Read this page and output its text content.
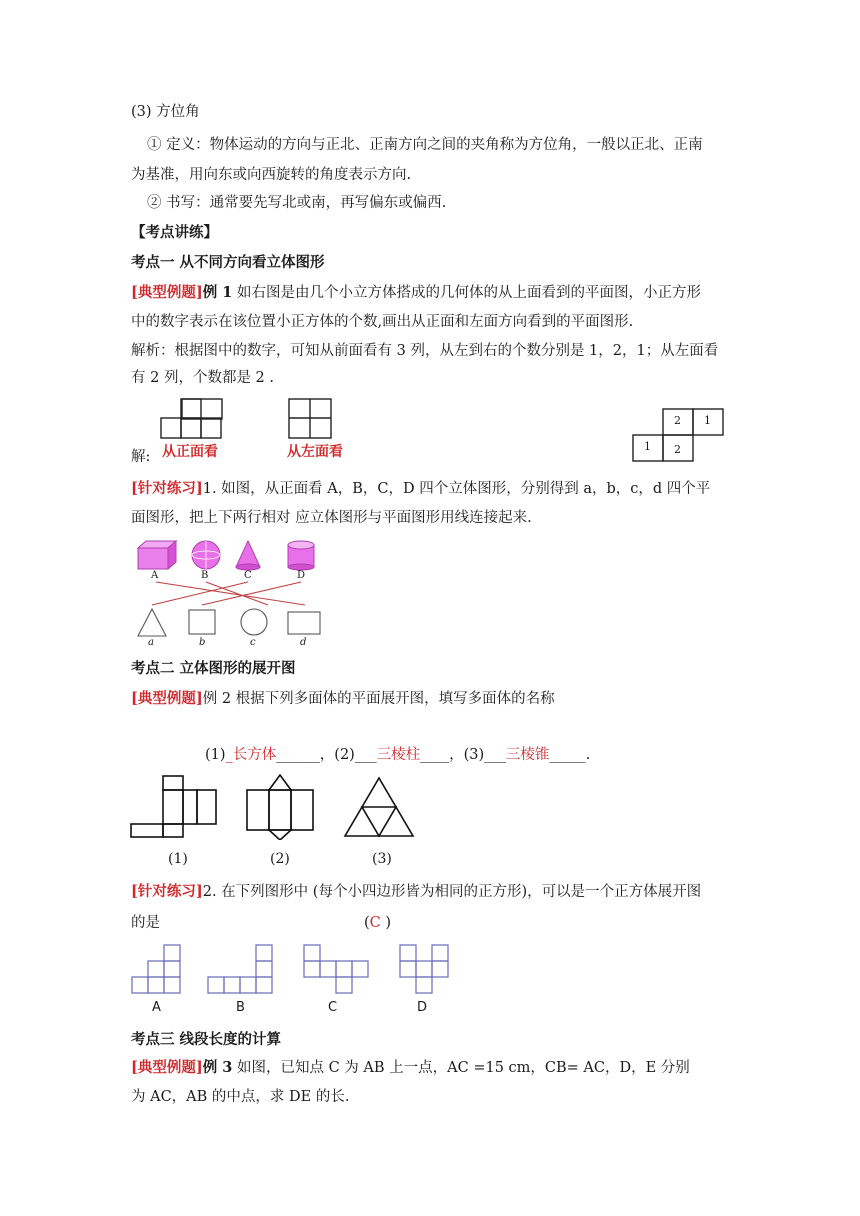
(3) 方位角
① 定义：物体运动的方向与正北、正南方向之间的夹角称为方位角，一般以正北、正南
为基准，用向东或向西旋转的角度表示方向.
② 书写：通常要先写北或南，再写偏东或偏西.
【考点讲练】
考点一 从不同方向看立体图形
[典型例题]例 1 如右图是由几个小立方体搭成的几何体的从上面看到的平面图，小正方形
中的数字表示在该位置小正方体的个数,画出从正面和左面方向看到的平面图形.
解析：根据图中的数字，可知从前面看有 3 列，从左到右的个数分别是 1，2，1；从左面看
有 2 列，个数都是 2 .
解: 从正面看	从左面看
2 1
1 2
[针对练习]1. 如图，从正面看 A，B，C，D 四个立体图形，分别得到 a，b，c，d 四个平
面图形，把上下两行相对 应立体图形与平面图形用线连接起来.
A	B	C	D
a	b	c	d
考点二 立体图形的展开图
[典型例题]例 2 根据下列多面体的平面展开图，填写多面体的名称
(1)_长方体______，(2)___三棱柱____，(3)___三棱锥_____.
(1)	(2)	(3)
[针对练习]2. 在下列图形中 (每个小四边形皆为相同的正方形)，可以是一个正方体展开图
的是	(C )
A	B	C	D
考点三 线段长度的计算
[典型例题]例 3 如图，已知点 C 为 AB 上一点，AC =15 cm，CB= AC，D，E 分别
为 AC，AB 的中点，求 DE 的长.
